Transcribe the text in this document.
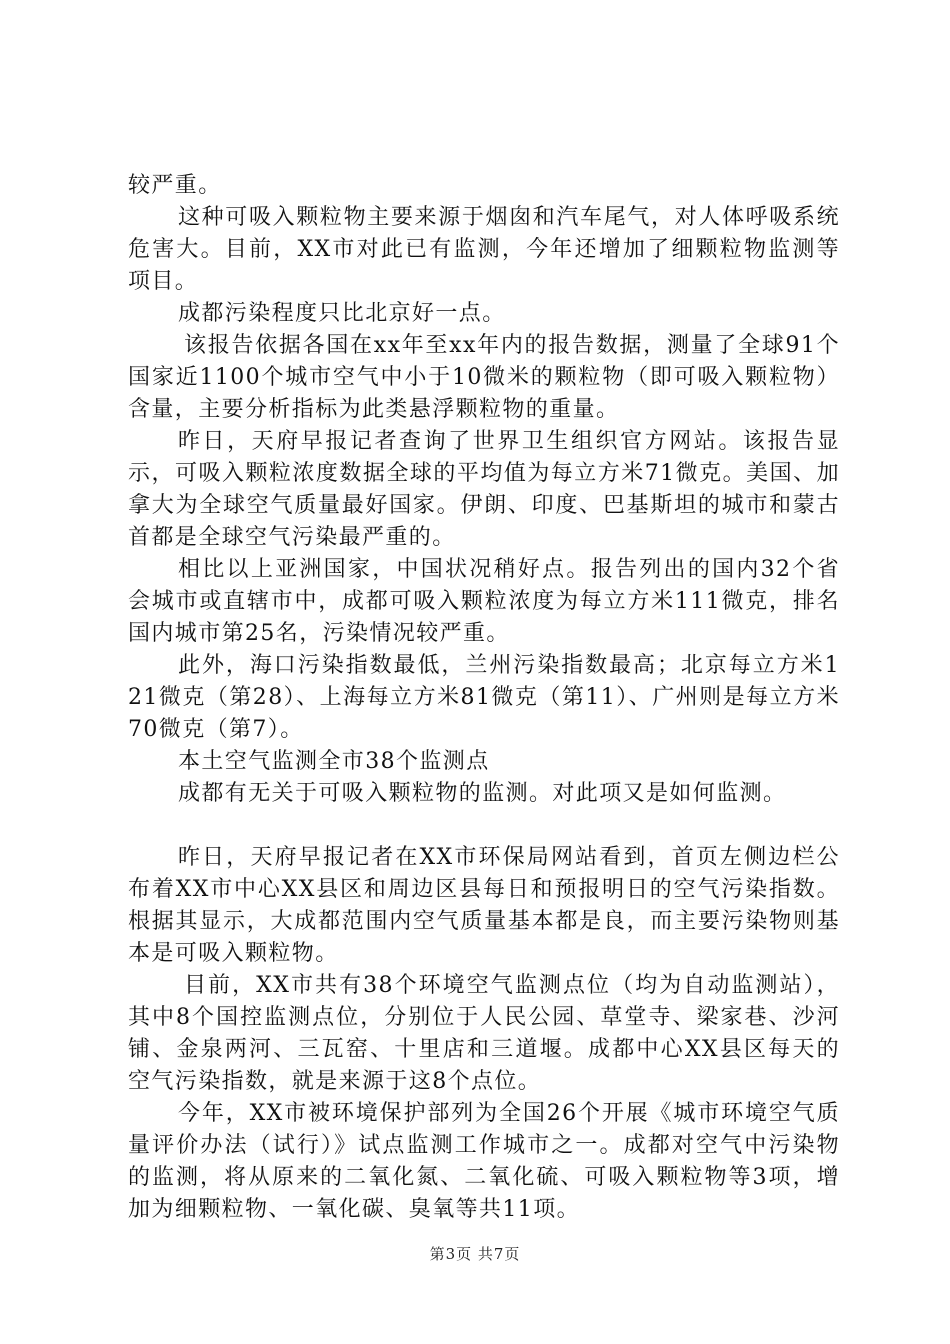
较严重。

这种可吸入颗粒物主要来源于烟囱和汽车尾气，对人体呼吸系统危害大。目前，XX市对此已有监测，今年还增加了细颗粒物监测等项目。

成都污染程度只比北京好一点。

该报告依据各国在xx年至xx年内的报告数据，测量了全球91个国家近1100个城市空气中小于10微米的颗粒物（即可吸入颗粒物）含量，主要分析指标为此类悬浮颗粒物的重量。

昨日，天府早报记者查询了世界卫生组织官方网站。该报告显示，可吸入颗粒浓度数据全球的平均值为每立方米71微克。美国、加拿大为全球空气质量最好国家。伊朗、印度、巴基斯坦的城市和蒙古首都是全球空气污染最严重的。

相比以上亚洲国家，中国状况稍好点。报告列出的国内32个省会城市或直辖市中，成都可吸入颗粒浓度为每立方米111微克，排名国内城市第25名，污染情况较严重。

此外，海口污染指数最低，兰州污染指数最高；北京每立方米121微克（第28）、上海每立方米81微克（第11）、广州则是每立方米70微克（第7）。

本土空气监测全市38个监测点

成都有无关于可吸入颗粒物的监测。对此项又是如何监测。

昨日，天府早报记者在XX市环保局网站看到，首页左侧边栏公布着XX市中心XX县区和周边区县每日和预报明日的空气污染指数。根据其显示，大成都范围内空气质量基本都是良，而主要污染物则基本是可吸入颗粒物。

目前，XX市共有38个环境空气监测点位（均为自动监测站），其中8个国控监测点位，分别位于人民公园、草堂寺、梁家巷、沙河铺、金泉两河、三瓦窑、十里店和三道堰。成都中心XX县区每天的空气污染指数，就是来源于这8个点位。

今年，XX市被环境保护部列为全国26个开展《城市环境空气质量评价办法（试行）》试点监测工作城市之一。成都对空气中污染物的监测，将从原来的二氧化氮、二氧化硫、可吸入颗粒物等3项，增加为细颗粒物、一氧化碳、臭氧等共11项。

第3页 共7页
